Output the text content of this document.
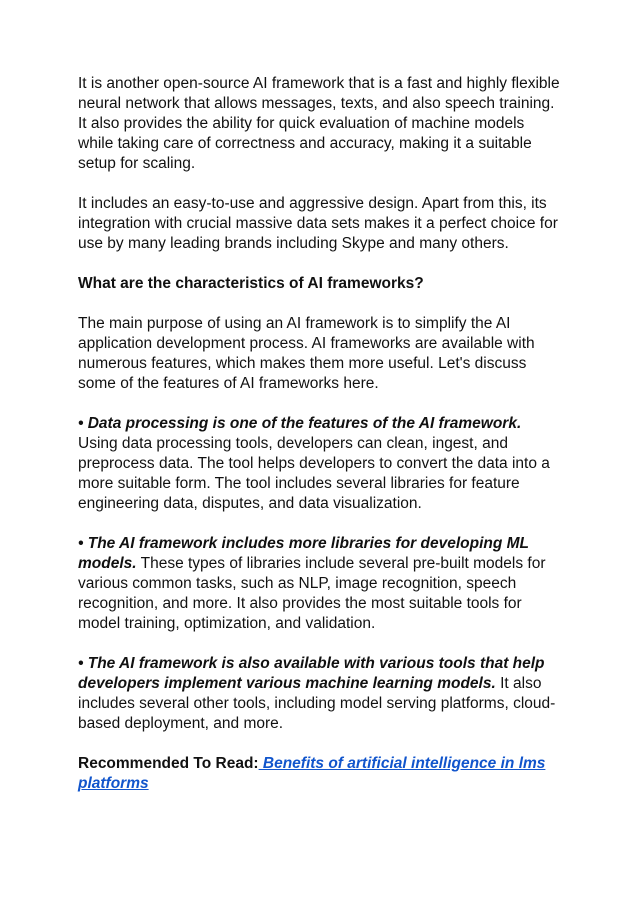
It is another open-source AI framework that is a fast and highly flexible neural network that allows messages, texts, and also speech training. It also provides the ability for quick evaluation of machine models while taking care of correctness and accuracy, making it a suitable setup for scaling.

It includes an easy-to-use and aggressive design. Apart from this, its integration with crucial massive data sets makes it a perfect choice for use by many leading brands including Skype and many others.

What are the characteristics of AI frameworks?

The main purpose of using an AI framework is to simplify the AI application development process. AI frameworks are available with numerous features, which makes them more useful. Let's discuss some of the features of AI frameworks here.

• Data processing is one of the features of the AI framework. Using data processing tools, developers can clean, ingest, and preprocess data. The tool helps developers to convert the data into a more suitable form. The tool includes several libraries for feature engineering data, disputes, and data visualization.

• The AI framework includes more libraries for developing ML models. These types of libraries include several pre-built models for various common tasks, such as NLP, image recognition, speech recognition, and more. It also provides the most suitable tools for model training, optimization, and validation.

• The AI framework is also available with various tools that help developers implement various machine learning models. It also includes several other tools, including model serving platforms, cloud-based deployment, and more.

Recommended To Read: Benefits of artificial intelligence in lms platforms
